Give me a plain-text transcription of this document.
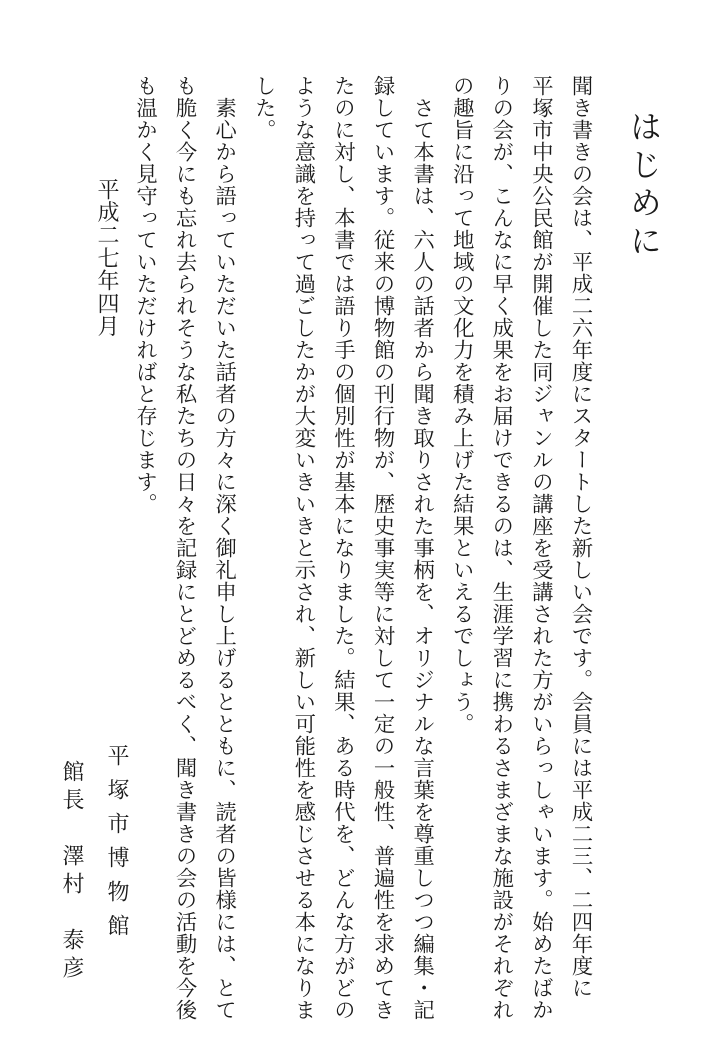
はじめに
聞き書きの会は、平成二六年度にスタートした新しい会です。会員には平成二三、二四年度に
平塚市中央公民館が開催した同ジャンルの講座を受講された方がいらっしゃいます。始めたばか
りの会が、こんなに早く成果をお届けできるのは、生涯学習に携わるさまざまな施設がそれぞれ
の趣旨に沿って地域の文化力を積み上げた結果といえるでしょう。
　さて本書は、六人の話者から聞き取りされた事柄を、オリジナルな言葉を尊重しつつ編集・記
録しています。従来の博物館の刊行物が、歴史事実等に対して一定の一般性、普遍性を求めてき
たのに対し、本書では語り手の個別性が基本になりました。結果、ある時代を、どんな方がどの
ような意識を持って過ごしたかが大変いきいきと示され、新しい可能性を感じさせる本になりま
した。
　素心から語っていただいた話者の方々に深く御礼申し上げるとともに、読者の皆様には、とて
も脆く今にも忘れ去られそうな私たちの日々を記録にとどめるべく、聞き書きの会の活動を今後
も温かく見守っていただければと存じます。
平成二七年四月
平塚市博物館
館長　澤村　泰彦
